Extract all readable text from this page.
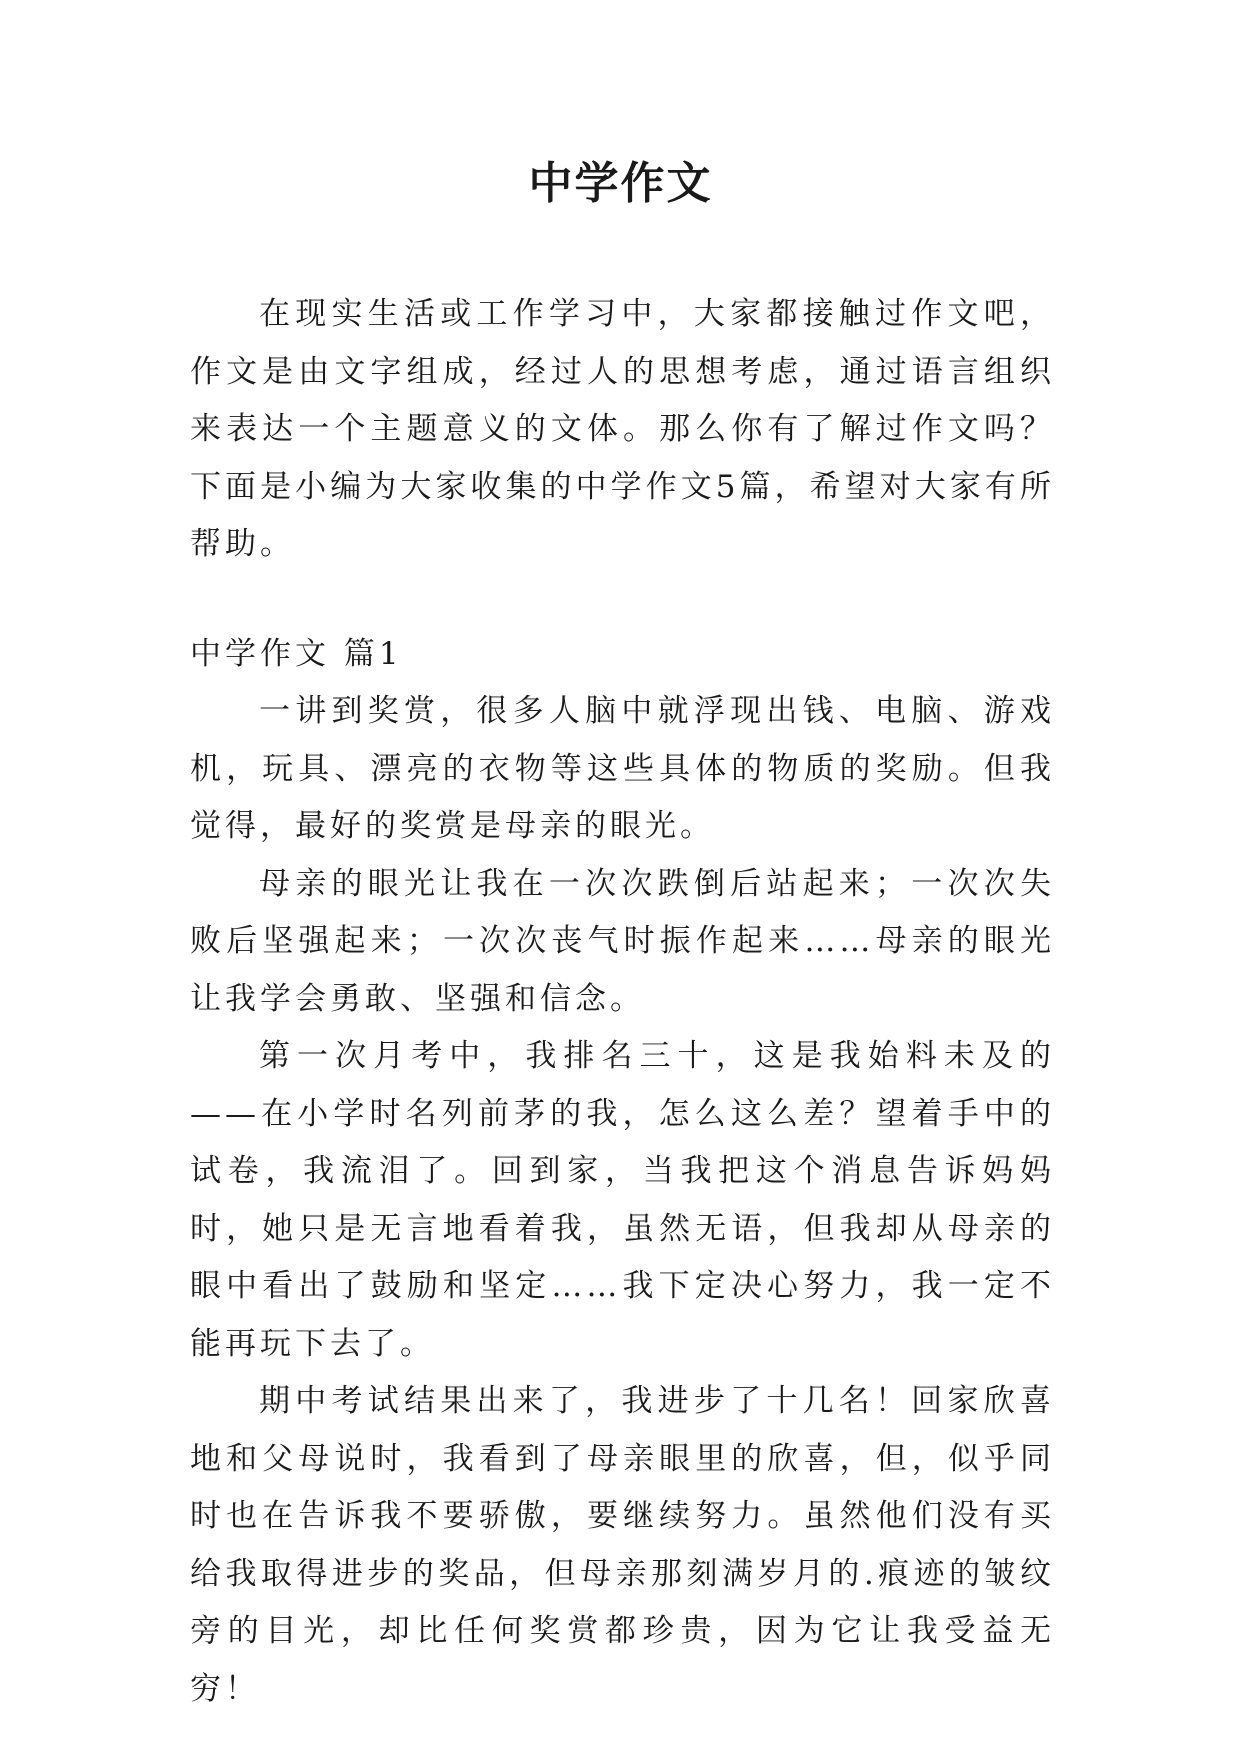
中学作文

在现实生活或工作学习中，大家都接触过作文吧，作文是由文字组成，经过人的思想考虑，通过语言组织来表达一个主题意义的文体。那么你有了解过作文吗？下面是小编为大家收集的中学作文5篇，希望对大家有所帮助。

中学作文 篇1

一讲到奖赏，很多人脑中就浮现出钱、电脑、游戏机，玩具、漂亮的衣物等这些具体的物质的奖励。但我觉得，最好的奖赏是母亲的眼光。

母亲的眼光让我在一次次跌倒后站起来；一次次失败后坚强起来；一次次丧气时振作起来……母亲的眼光让我学会勇敢、坚强和信念。

第一次月考中，我排名三十，这是我始料未及的——在小学时名列前茅的我，怎么这么差？望着手中的试卷，我流泪了。回到家，当我把这个消息告诉妈妈时，她只是无言地看着我，虽然无语，但我却从母亲的眼中看出了鼓励和坚定……我下定决心努力，我一定不能再玩下去了。

期中考试结果出来了，我进步了十几名！回家欣喜地和父母说时，我看到了母亲眼里的欣喜，但，似乎同时也在告诉我不要骄傲，要继续努力。虽然他们没有买给我取得进步的奖品，但母亲那刻满岁月的.痕迹的皱纹旁的目光，却比任何奖赏都珍贵，因为它让我受益无穷！
